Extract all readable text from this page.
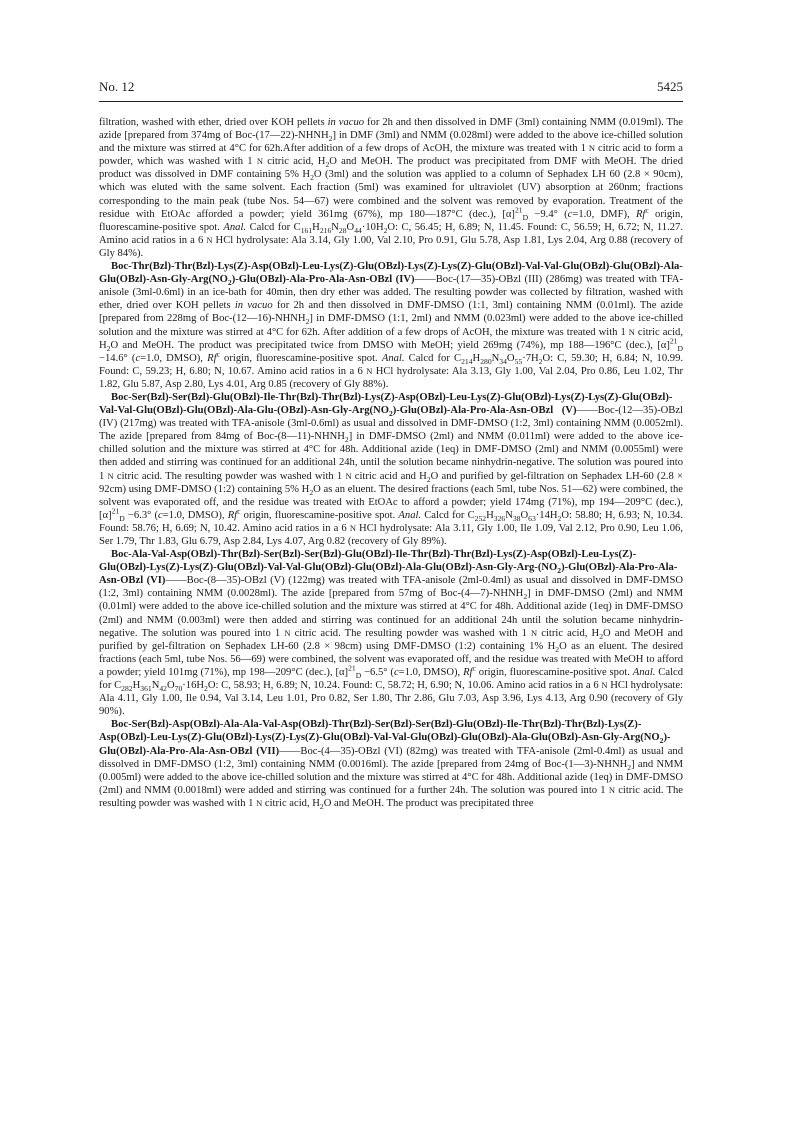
No. 12	5425

filtration, washed with ether, dried over KOH pellets in vacuo for 2h and then dissolved in DMF (3ml) containing NMM (0.019ml). The azide [prepared from 374mg of Boc-$(17—22)-NHNH_2$] in DMF (3ml) and NMM (0.028ml) were added to the above ice-chilled solution and the mixture was stirred at 4°C for 62h.After addition of a few drops of AcOH, the mixture was treated with 1 N citric acid to form a powder, which was washed with 1 N citric acid, $H_2O$ and MeOH. The product was precipitated from DMF with MeOH. The dried product was dissolved in DMF containing 5% $H_2O$ (3ml) and the solution was applied to a column of Sephadex LH 60 (2.8 × 90cm), which was eluted with the same solvent. Each fraction (5ml) was examined for ultraviolet (UV) absorption at 260nm; fractions corresponding to the main peak (tube Nos. 54—67) were combined and the solvent was removed by evaporation. Treatment of the residue with EtOAc afforded a powder; yield 361mg (67%), mp 180—187°C (dec.), $[\alpha]^{21}_D -9.4^\circ$ (c=1.0, DMF), Rf$^c$ origin, fluorescamine-positive spot. Anal. Calcd for $C_{161}H_{216}N_{28}O_{44}\cdot 10H_2O$: C, 56.45; H, 6.89; N, 11.45. Found: C, 56.59; H, 6.72; N, 11.27. Amino acid ratios in a 6 N HCl hydrolysate: Ala 3.14, Gly 1.00, Val 2.10, Pro 0.91, Glu 5.78, Asp 1.81, Lys 2.04, Arg 0.88 (recovery of Gly 84%).

Boc-Thr(Bzl)-Thr(Bzl)-Lys(Z)-Asp(OBzl)-Leu-Lys(Z)-Glu(OBzl)-Lys(Z)-Lys(Z)-Glu(OBzl)-Val-Val-Glu(OBzl)-Glu(OBzl)-Ala-Glu($OBzl)-Asn-Gly-Arg(NO_2)-Glu(OBzl)-Ala-Pro-Ala-Asn$-OBzl (IV)——Boc-(17—35)-OBzl (III) (286mg) was treated with TFA-anisole (3ml-0.6ml) in an ice-bath for 40min, then dry ether was added. The resulting powder was collected by filtration, washed with ether, dried over KOH pellets in vacuo for 2h and then dissolved in DMF-DMSO (1:1, 3ml) containing NMM (0.01ml). The azide [prepared from 228mg of Boc-$(12—16)-NHNH_2$] in DMF-DMSO (1:1, 2ml) and NMM (0.023ml) were added to the above ice-chilled solution and the mixture was stirred at 4°C for 62h. After addition of a few drops of AcOH, the mixture was treated with 1 N citric acid, $H_2O$ and MeOH. The product was precipitated twice from DMSO with MeOH; yield 269mg (74%), mp 188—196°C (dec.), $[\alpha]^{21}_D -14.6^\circ$ (c=1.0, DMSO), Rf$^c$ origin, fluorescamine-positive spot. Anal. Calcd for $C_{214}H_{280}N_{34}O_{55}\cdot 7H_2O$: C, 59.30; H, 6.84; N, 10.99. Found: C, 59.23; H, 6.80; N, 10.67. Amino acid ratios in a 6 N HCl hydrolysate: Ala 3.13, Gly 1.00, Val 2.04, Pro 0.86, Leu 1.02, Thr 1.82, Glu 5.87, Asp 2.80, Lys 4.01, Arg 0.85 (recovery of Gly 88%).

Boc-Ser(Bzl)-Ser(Bzl)-Glu(OBzl)-Ile-Thr(Bzl)-Thr(Bzl)-Lys(Z)-Asp(OBzl)-Leu-Lys(Z)-Glu(OBzl)-Lys(Z)-Lys(Z)-Glu(OBzl)-Val-Val-$Glu(OBzl)-Glu(OBzl)-Ala-Glu-(OBzl)-Asn-Gly-Arg(NO_2)-Glu(OBzl)-Ala-Pro-Ala-Asn$-OBzl (V)——Boc-(12—35)-OBzl (IV) (217mg) was treated with TFA-anisole (3ml-0.6ml) as usual and dissolved in DMF-DMSO (1:2, 3ml) containing NMM (0.0052ml). The azide [prepared from 84mg of Boc-$(8—11)-NHNH_2$] in DMF-DMSO (2ml) and NMM (0.011ml) were added to the above ice-chilled solution and the mixture was stirred at 4°C for 48h. Additional azide (1eq) in DMF-DMSO (2ml) and NMM (0.0055ml) were then added and stirring was continued for an additional 24h, until the solution became ninhydrin-negative. The solution was poured into 1 N citric acid. The resulting powder was washed with 1 N citric acid and $H_2O$ and purified by gel-filtration on Sephadex LH-60 (2.8 × 92cm) using DMF-DMSO (1:2) containing 5% $H_2O$ as an eluent. The desired fractions (each 5ml, tube Nos. 51—62) were combined, the solvent was evaporated off, and the residue was treated with EtOAc to afford a powder; yield 174mg (71%), mp 194—209°C (dec.), $[\alpha]^{21}_D -6.3^\circ$ (c=1.0, DMSO), Rf$^c$ origin, fluorescamine-positive spot. Anal. Calcd for $C_{252}H_{326}N_{38}O_{63}\cdot 14H_2O$: 58.80; H, 6.93; N, 10.34. Found: 58.76; H, 6.69; N, 10.42. Amino acid ratios in a 6 N HCl hydrolysate: Ala 3.11, Gly 1.00, Ile 1.09, Val 2.12, Pro 0.90, Leu 1.06, Ser 1.79, Thr 1.83, Glu 6.79, Asp 2.84, Lys 4.07, Arg 0.82 (recovery of Gly 89%).

Boc-Ala-Val-Asp(OBzl)-Thr(Bzl)-Ser(Bzl)-Ser(Bzl)-Glu(OBzl)-Ile-Thr(Bzl)-Thr(Bzl)-Lys(Z)-Asp(OBzl)-Leu-Lys(Z)-Glu(OBzl)-L$ys(Z)-Lys(Z)-Glu(OBzl)-Val-Val-Glu(OBzl)-Glu(OBzl)-Ala-Glu(OBzl)-Asn-Gly-Arg-(NO_2)-Glu(OBzl)-Ala-Pro-Ala-Asn$-OBzl (VI)——Boc-(8—35)-OBzl (V) (122mg) was treated with TFA-anisole (2ml-0.4ml) as usual and dissolved in DMF-DMSO (1:2, 3ml) containing NMM (0.0028ml). The azide [prepared from 57mg of Boc-$(4—7)-NHNH_2$] in DMF-DMSO (2ml) and NMM (0.01ml) were added to the above ice-chilled solution and the mixture was stirred at 4°C for 48h. Additional azide (1eq) in DMF-DMSO (2ml) and NMM (0.003ml) were then added and stirring was continued for an additional 24h until the solution became ninhydrin-negative. The solution was poured into 1 N citric acid. The resulting powder was washed with 1 N citric acid, $H_2O$ and MeOH and purified by gel-filtration on Sephadex LH-60 (2.8 × 98cm) using DMF-DMSO (1:2) containing 1% $H_2O$ as an eluent. The desired fractions (each 5ml, tube Nos. 56—69) were combined, the solvent was evaporated off, and the residue was treated with MeOH to afford a powder; yield 101mg (71%), mp 198—209°C (dec.), $[\alpha]^{21}_D -6.5^\circ$ (c=1.0, DMSO), Rf$^c$ origin, fluorescamine-positive spot. Anal. Calcd for $C_{282}H_{361}N_{42}O_{70}\cdot 16H_2O$: C, 58.93; H, 6.89; N, 10.24. Found: C, 58.72; H, 6.90; N, 10.06. Amino acid ratios in a 6 N HCl hydrolysate: Ala 4.11, Gly 1.00, Ile 0.94, Val 3.14, Leu 1.01, Pro 0.82, Ser 1.80, Thr 2.86, Glu 7.03, Asp 3.96, Lys 4.13, Arg 0.90 (recovery of Gly 90%).

Boc-Ser(Bzl)-Asp(OBzl)-Ala-Ala-Val-Asp(OBzl)-Thr(Bzl)-Ser(Bzl)-Ser(Bzl)-Glu(OBzl)-Ile-Thr(Bzl)-Thr(Bzl)-Lys(Z)-Asp(OBzl)$-Leu-Lys(Z)-Glu(OBzl)-Lys(Z)-Lys(Z)-Glu(OBzl)-Val-Val-Glu(OBzl)-Glu(OBzl)-Ala-Glu(OBzl)-Asn-Gly-Arg(NO_2)-Glu(OBzl)-Ala-P$ro-Ala-Asn-OBzl (VII)——Boc-(4—35)-OBzl (VI) (82mg) was treated with TFA-anisole (2ml-0.4ml) as usual and dissolved in DMF-DMSO (1:2, 3ml) containing NMM (0.0016ml). The azide [prepared from 24mg of Boc-$(1—3)-NHNH_2$] and NMM (0.005ml) were added to the above ice-chilled solution and the mixture was stirred at 4°C for 48h. Additional azide (1eq) in DMF-DMSO (2ml) and NMM (0.0018ml) were added and stirring was continued for a further 24h. The solution was poured into 1 N citric acid. The resulting powder was washed with 1 N citric acid, $H_2O$ and MeOH. The product was precipitated three
